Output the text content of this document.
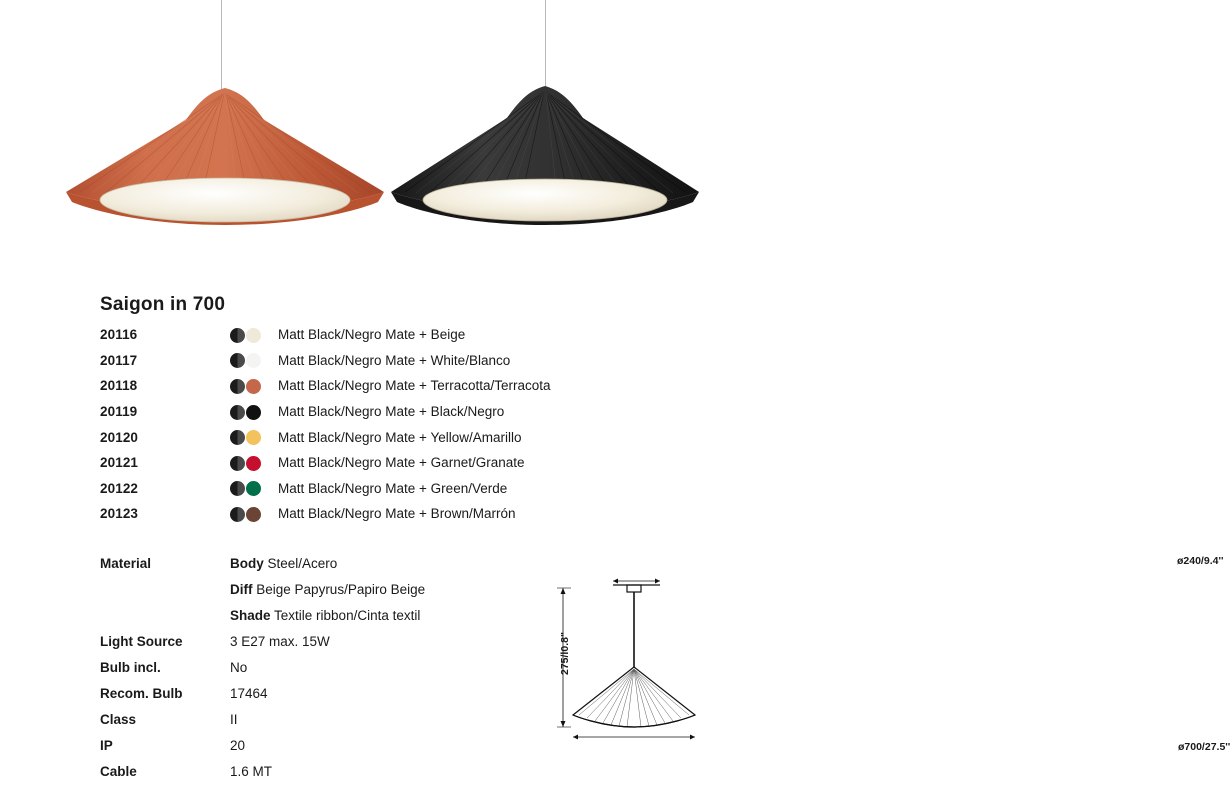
Saigon in 700
20116		Matt Black/Negro Mate + Beige
20117		Matt Black/Negro Mate + White/Blanco
20118		Matt Black/Negro Mate + Terracotta/Terracota
20119		Matt Black/Negro Mate + Black/Negro
20120		Matt Black/Negro Mate + Yellow/Amarillo
20121		Matt Black/Negro Mate + Garnet/Granate
20122		Matt Black/Negro Mate + Green/Verde
20123		Matt Black/Negro Mate + Brown/Marrón
Material	Body Steel/Acero
	Diff Beige Papyrus/Papiro Beige
	Shade Textile ribbon/Cinta textil
Light Source	3 E27 max. 15W
Bulb incl.	No
Recom. Bulb	17464
Class	II
IP	20
Cable	1.6 MT
ø240/9.4''
ø700/27.5''
275/l0.8"
